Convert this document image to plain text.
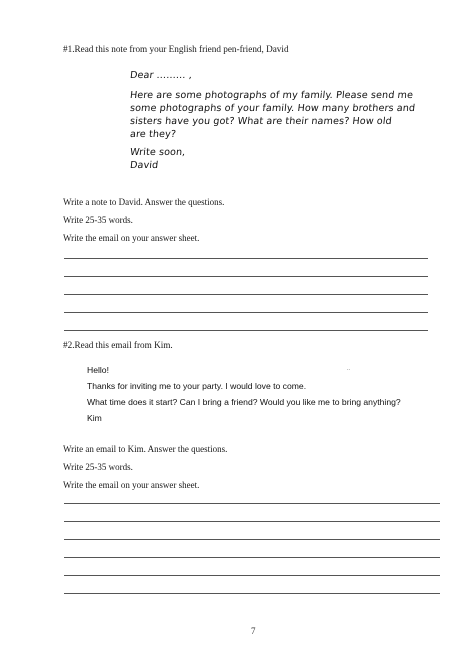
#1.Read this note from your English friend pen-friend, David
Dear ……… ,
Here are some photographs of my family. Please send me
some photographs of your family. How many brothers and
sisters have you got? What are their names? How old
are they?
Write soon,
David
Write a note to David. Answer the questions.
Write 25-35 words.
Write the email on your answer sheet.
#2.Read this email from Kim.
Hello!
Thanks for inviting me to your party. I would love to come.
What time does it start? Can I bring a friend? Would you like me to bring anything?
Kim
..
Write an email to Kim. Answer the questions.
Write 25-35 words.
Write the email on your answer sheet.
7
